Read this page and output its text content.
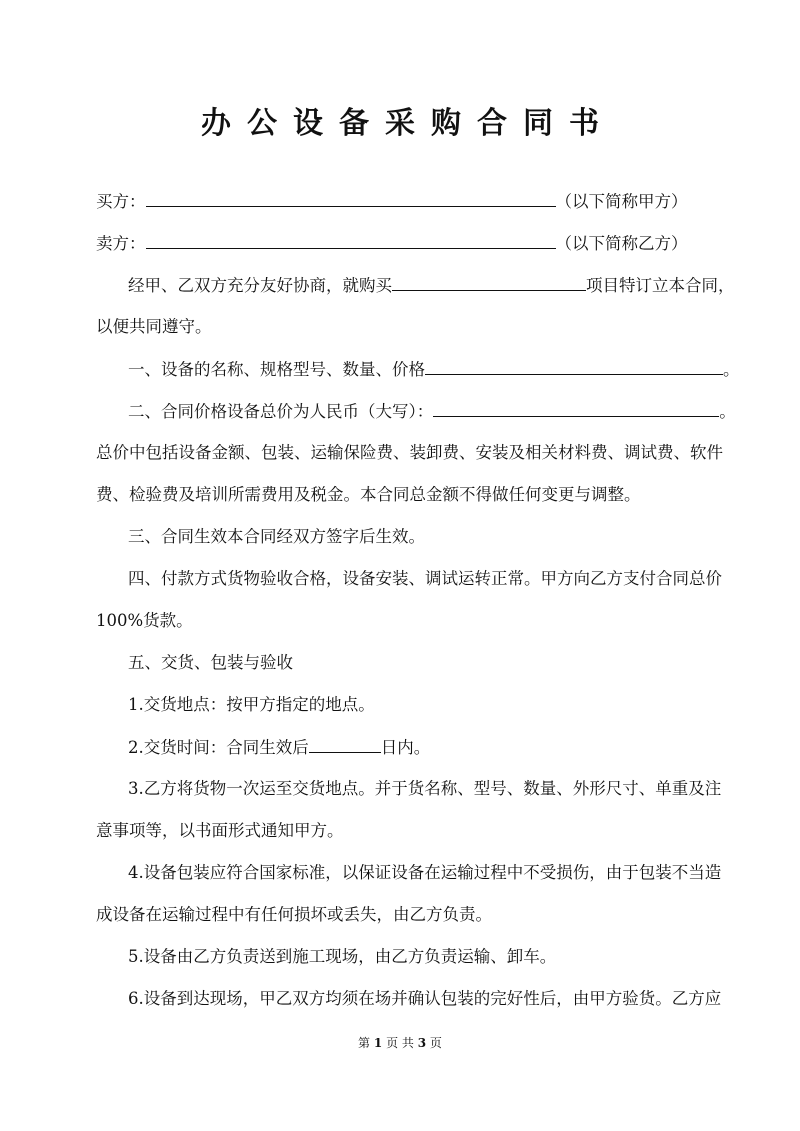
办公设备采购合同书
买方：	（以下简称甲方）
卖方：	（以下简称乙方）
经甲、乙双方充分友好协商，就购买	项目特订立本合同，
以便共同遵守。
一、设备的名称、规格型号、数量、价格	。
二、合同价格设备总价为人民币（大写）：	。
总价中包括设备金额、包装、运输保险费、装卸费、安装及相关材料费、调试费、软件
费、检验费及培训所需费用及税金。本合同总金额不得做任何变更与调整。
三、合同生效本合同经双方签字后生效。
四、付款方式货物验收合格，设备安装、调试运转正常。甲方向乙方支付合同总价
100%货款。
五、交货、包装与验收
1.交货地点：按甲方指定的地点。
2.交货时间：合同生效后	日内。
3.乙方将货物一次运至交货地点。并于货名称、型号、数量、外形尺寸、单重及注
意事项等，以书面形式通知甲方。
4.设备包装应符合国家标准，以保证设备在运输过程中不受损伤，由于包装不当造
成设备在运输过程中有任何损坏或丢失，由乙方负责。
5.设备由乙方负责送到施工现场，由乙方负责运输、卸车。
6.设备到达现场，甲乙双方均须在场并确认包装的完好性后，由甲方验货。乙方应
第 1 页 共 3 页
